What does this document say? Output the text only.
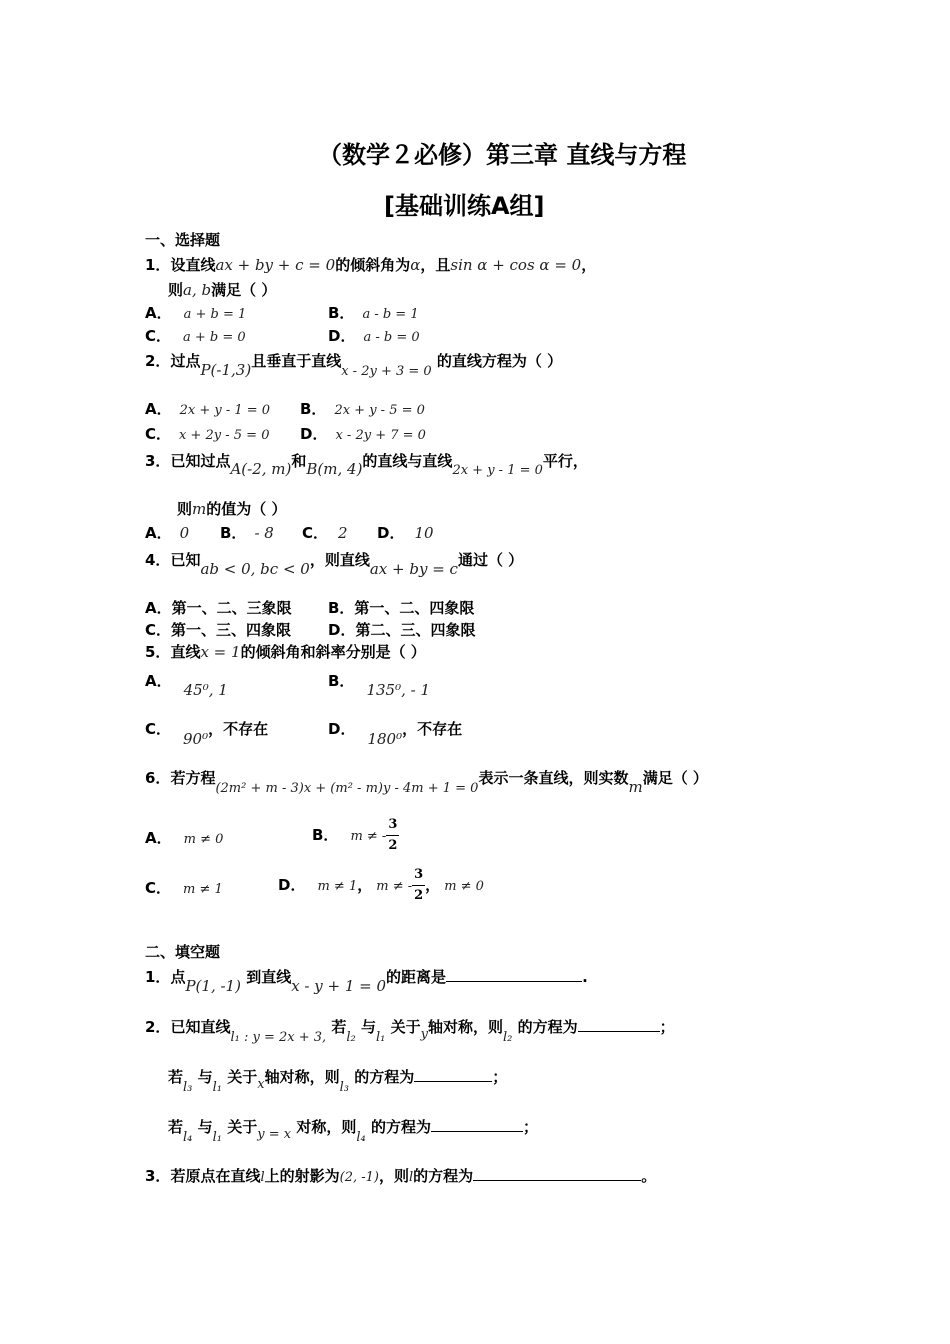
（数学２必修）第三章 直线与方程
[基础训练A组]
一、选择题
1．设直线ax + by + c = 0的倾斜角为α，且sin α + cos α = 0，
则a, b满足（ ）
A． a + b = 1	B． a - b = 1
C． a + b = 0	D． a - b = 0
2．过点P(-1,3)且垂直于直线x - 2y + 3 = 0 的直线方程为（ ）
A． 2x + y - 1 = 0 B． 2x + y - 5 = 0
C． x + 2y - 5 = 0 D． x - 2y + 7 = 0
3．已知过点A(-2, m)和B(m, 4)的直线与直线2x + y - 1 = 0平行，
则m的值为（ ）
A． 0 B． - 8 C． 2 D． 10
4．已知ab < 0, bc < 0，则直线ax + by = c通过（ ）
A．第一、二、三象限 B．第一、二、四象限
C．第一、三、四象限 D．第二、三、四象限
5．直线x = 1的倾斜角和斜率分别是（ ）
A． 45⁰, 1	B． 135⁰, - 1
C．90⁰，不存在	D．180⁰，不存在
6．若方程(2m² + m - 3)x + (m² - m)y - 4m + 1 = 0表示一条直线，则实数m满足（ ）
A． m ≠ 0	B． m ≠ - $\frac{3}{2}$
C． m ≠ 1	D． m ≠ 1， m ≠ - $\frac{3}{2}$ ， m ≠ 0
二、填空题
1．点P(1, -1) 到直线x - y + 1 = 0的距离是	.
2．已知直线l₁ : y = 2x + 3, 若l₂ 与l₁ 关于y轴对称，则l₂ 的方程为	；
若l₃ 与l₁ 关于x轴对称，则l₃ 的方程为	；
若l₄ 与l₁ 关于y = x 对称，则l₄ 的方程为	；
3．若原点在直线l上的射影为(2, -1)，则l的方程为	。
